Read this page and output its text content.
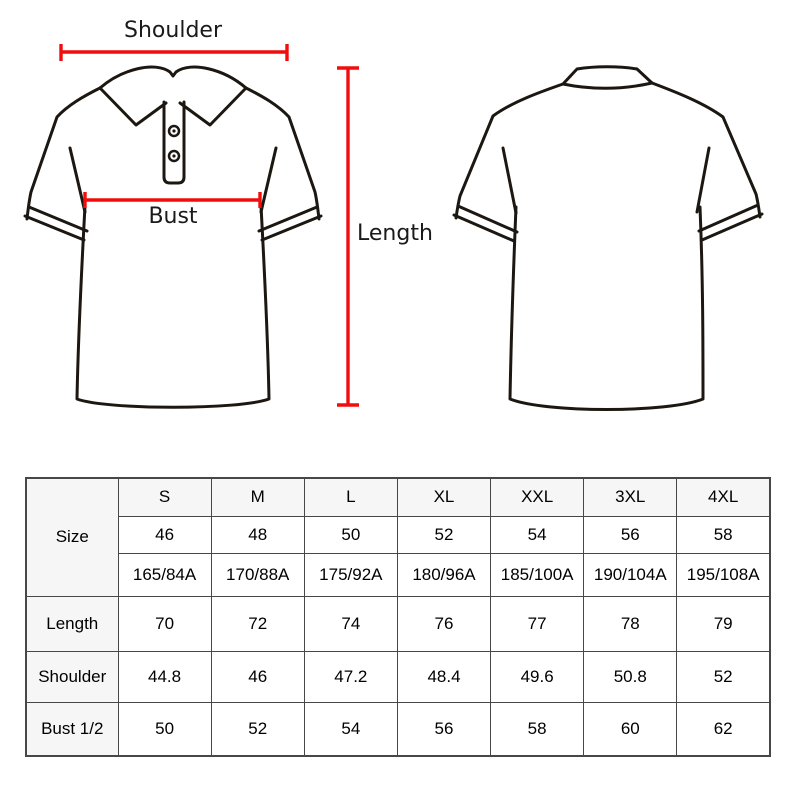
Shoulder
Bust
Length
Size	S	M	L	XL	XXL	3XL	4XL
	46	48	50	52	54	56	58
	165/84A	170/88A	175/92A	180/96A	185/100A	190/104A	195/108A
Length	70	72	74	76	77	78	79
Shoulder	44.8	46	47.2	48.4	49.6	50.8	52
Bust 1/2	50	52	54	56	58	60	62
